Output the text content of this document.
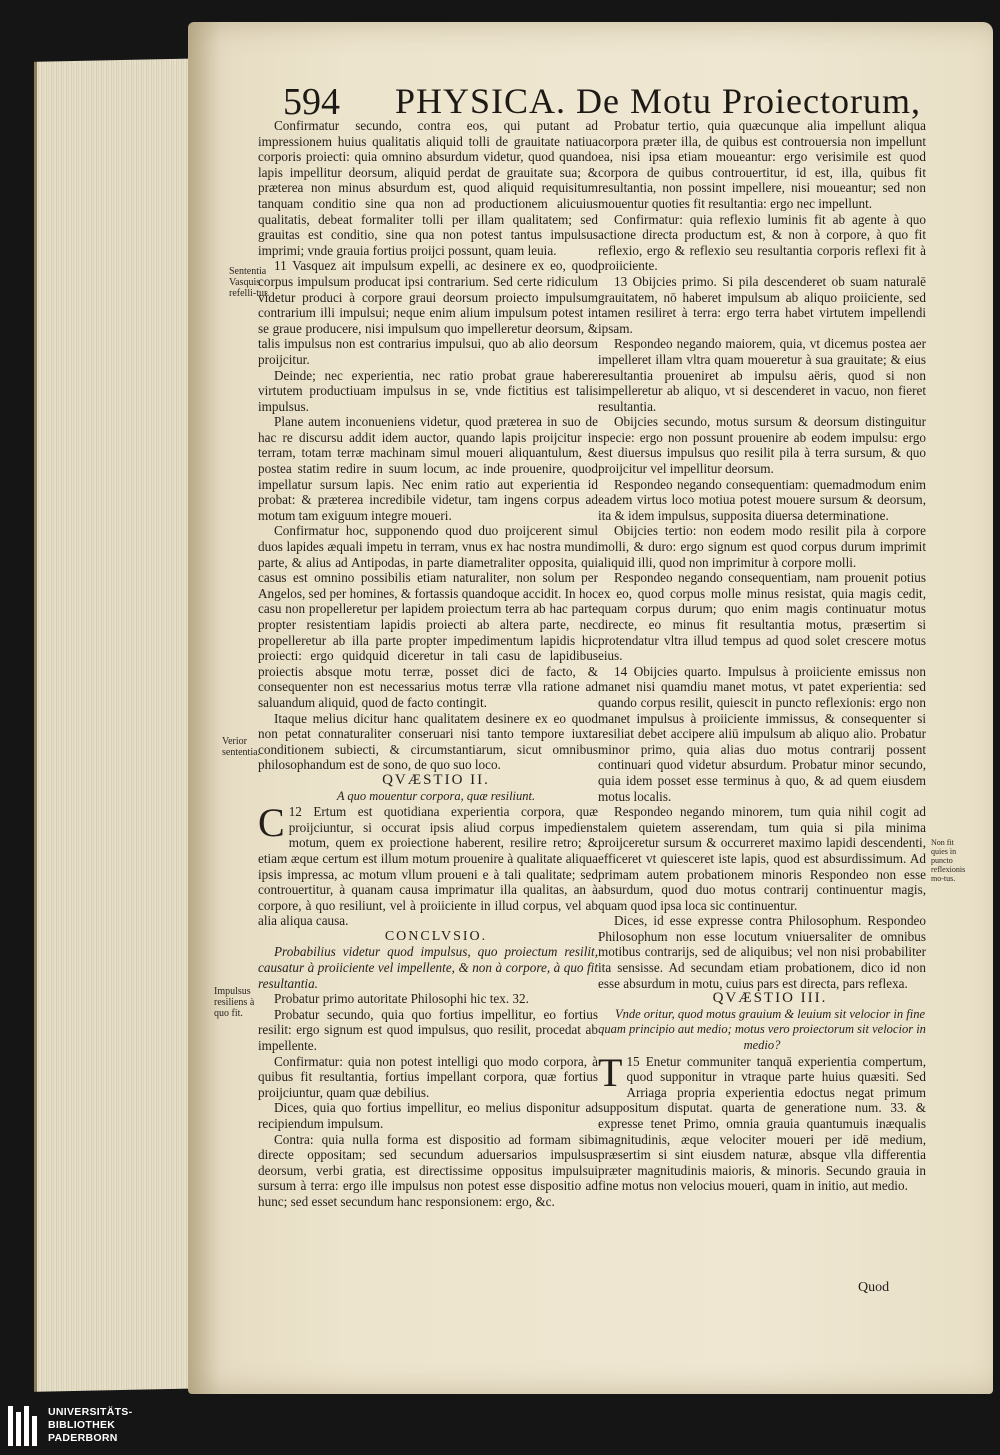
594 PHYSICA. De Motu Proiectorum,
Sententia Vasquis refelli-tur.
Verior sententia.
Impulsus resiliens à quo fit.
Non fit quies in puncto reflexionis mo-tus.

Confirmatur secundo, contra eos, qui putant ad impressionem huius qualitatis aliquid tolli de grauitate natiua corporis proiecti: quia omnino absurdum videtur, quod quando lapis impellitur deorsum, aliquid perdat de grauitate sua; & præterea non minus absurdum est, quod aliquid requisitum tanquam conditio sine qua non ad productionem alicuius qualitatis, debeat formaliter tolli per illam qualitatem; sed grauitas est conditio, sine qua non potest tantus impulsus imprimi; vnde grauia fortius proijci possunt, quam leuia.

11 Vasquez ait impulsum expelli, ac desinere ex eo, quod corpus impulsum producat ipsi contrarium. Sed certe ridiculum videtur produci à corpore graui deorsum proiecto impulsum contrarium illi impulsui; neque enim alium impulsum potest in se graue producere, nisi impulsum quo impelleretur deorsum, & talis impulsus non est contrarius impulsui, quo ab alio deorsum proijcitur.

Deinde; nec experientia, nec ratio probat graue habere virtutem productiuam impulsus in se, vnde fictitius est talis impulsus.

Plane autem inconueniens videtur, quod præterea in suo de hac re discursu addit idem auctor, quando lapis proijcitur in terram, totam terræ machinam simul moueri aliquantulum, & postea statim redire in suum locum, ac inde prouenire, quod impellatur sursum lapis. Nec enim ratio aut experientia id probat: & præterea incredibile videtur, tam ingens corpus ad motum tam exiguum integre moueri.

Confirmatur hoc, supponendo quod duo proijcerent simul duos lapides æquali impetu in terram, vnus ex hac nostra mundi parte, & alius ad Antipodas, in parte diametraliter opposita, qui casus est omnino possibilis etiam naturaliter, non solum per Angelos, sed per homines, & fortassis quandoque accidit. In hoc casu non propelleretur per lapidem proiectum terra ab hac parte propter resistentiam lapidis proiecti ab altera parte, nec propelleretur ab illa parte propter impedimentum lapidis hic proiecti: ergo quidquid diceretur in tali casu de lapidibus proiectis absque motu terræ, posset dici de facto, & consequenter non est necessarius motus terræ vlla ratione ad saluandum aliquid, quod de facto contingit.

Itaque melius dicitur hanc qualitatem desinere ex eo quod non petat connaturaliter conseruari nisi tanto tempore iuxta conditionem subiecti, & circumstantiarum, sicut omnibus philosophandum est de sono, de quo suo loco.

QVÆSTIO II.

A quo mouentur corpora, quæ resiliunt.

12
C Ertum est quotidiana experientia corpora, quæ proijciuntur, si occurat ipsis aliud corpus impediens motum, quem ex proiectione haberent, resilire retro; & etiam æque certum est illum motum prouenire à qualitate aliqua ipsis impressa, ac motum vllum proueni e à tali qualitate; sed controuertitur, à quanam causa imprimatur illa qualitas, an à corpore, à quo resiliunt, vel à proiiciente in illud corpus, vel ab alia aliqua causa.

CONCLVSIO.

Probabilius videtur quod impulsus, quo proiectum resilit, causatur à proiiciente vel impellente, & non à corpore, à quo fit resultantia.

Probatur primo autoritate Philosophi hic tex. 32.

Probatur secundo, quia quo fortius impellitur, eo fortius resilit: ergo signum est quod impulsus, quo resilit, procedat ab impellente.

Confirmatur: quia non potest intelligi quo modo corpora, à quibus fit resultantia, fortius impellant corpora, quæ fortius proijciuntur, quam quæ debilius.

Dices, quia quo fortius impellitur, eo melius disponitur ad recipiendum impulsum.

Contra: quia nulla forma est dispositio ad formam sibi directe oppositam; sed secundum aduersarios impulsus deorsum, verbi gratia, est directissime oppositus impulsui sursum à terra: ergo ille impulsus non potest esse dispositio ad hunc; sed esset secundum hanc responsionem: ergo, &c.

Probatur tertio, quia quæcunque alia impellunt aliqua corpora præter illa, de quibus est controuersia non impellunt ea, nisi ipsa etiam moueantur: ergo verisimile est quod corpora de quibus controuertitur, id est, illa, quibus fit resultantia, non possint impellere, nisi moueantur; sed non mouentur quoties fit resultantia: ergo nec impellunt.

Confirmatur: quia reflexio luminis fit ab agente à quo actione directa productum est, & non à corpore, à quo fit reflexio, ergo & reflexio seu resultantia corporis reflexi fit à proiiciente.

13 Obijcies primo. Si pila descenderet ob suam naturalē grauitatem, nō haberet impulsum ab aliquo proiiciente, sed tamen resiliret à terra: ergo terra habet virtutem impellendi ipsam.

Respondeo negando maiorem, quia, vt dicemus postea aer impelleret illam vltra quam moueretur à sua grauitate; & eius resultantia proueniret ab impulsu aëris, quod si non impelleretur ab aliquo, vt si descenderet in vacuo, non fieret resultantia.

Obijcies secundo, motus sursum & deorsum distinguitur specie: ergo non possunt prouenire ab eodem impulsu: ergo est diuersus impulsus quo resilit pila à terra sursum, & quo proijcitur vel impellitur deorsum.

Respondeo negando consequentiam: quemadmodum enim eadem virtus loco motiua potest mouere sursum & deorsum, ita & idem impulsus, supposita diuersa determinatione.

Obijcies tertio: non eodem modo resilit pila à corpore molli, & duro: ergo signum est quod corpus durum imprimit aliquid illi, quod non imprimitur à corpore molli.

Respondeo negando consequentiam, nam prouenit potius ex eo, quod corpus molle minus resistat, quia magis cedit, quam corpus durum; quo enim magis continuatur motus directe, eo minus fit resultantia motus, præsertim si protendatur vltra illud tempus ad quod solet crescere motus eius.

14 Obijcies quarto. Impulsus à proiiciente emissus non manet nisi quamdiu manet motus, vt patet experientia: sed quando corpus resilit, quiescit in puncto reflexionis: ergo non manet impulsus à proiiciente immissus, & consequenter si resiliat debet accipere aliū impulsum ab aliquo alio. Probatur minor primo, quia alias duo motus contrarij possent continuari quod videtur absurdum. Probatur minor secundo, quia idem posset esse terminus à quo, & ad quem eiusdem motus localis.

Respondeo negando minorem, tum quia nihil cogit ad talem quietem asserendam, tum quia si pila minima proijceretur sursum & occurreret maximo lapidi descendenti, efficeret vt quiesceret iste lapis, quod est absurdissimum. Ad primam autem probationem minoris Respondeo non esse absurdum, quod duo motus contrarij continuentur magis, quam quod ipsa loca sic continuentur.

Dices, id esse expresse contra Philosophum. Respondeo Philosophum non esse locutum vniuersaliter de omnibus motibus contrarijs, sed de aliquibus; vel non nisi probabiliter ita sensisse. Ad secundam etiam probationem, dico id non esse absurdum in motu, cuius pars est directa, pars reflexa.

QVÆSTIO III.

Vnde oritur, quod motus grauium & leuium sit velocior in fine quam principio aut medio; motus vero proiectorum sit velocior in medio?

15
T Enetur communiter tanquā experientia compertum, quod supponitur in vtraque parte huius quæsiti. Sed Arriaga propria experientia edoctus negat primum suppositum disputat. quarta de generatione num. 33. & expresse tenet Primo, omnia grauia quantumuis inæqualis magnitudinis, æque velociter moueri per idē medium, præsertim si sint eiusdem naturæ, absque vlla differentia præter magnitudinis maioris, & minoris. Secundo grauia in fine motus non velocius moueri, quam in initio, aut medio.

Quod
UNIVERSITÄTS-
BIBLIOTHEK
PADERBORN
